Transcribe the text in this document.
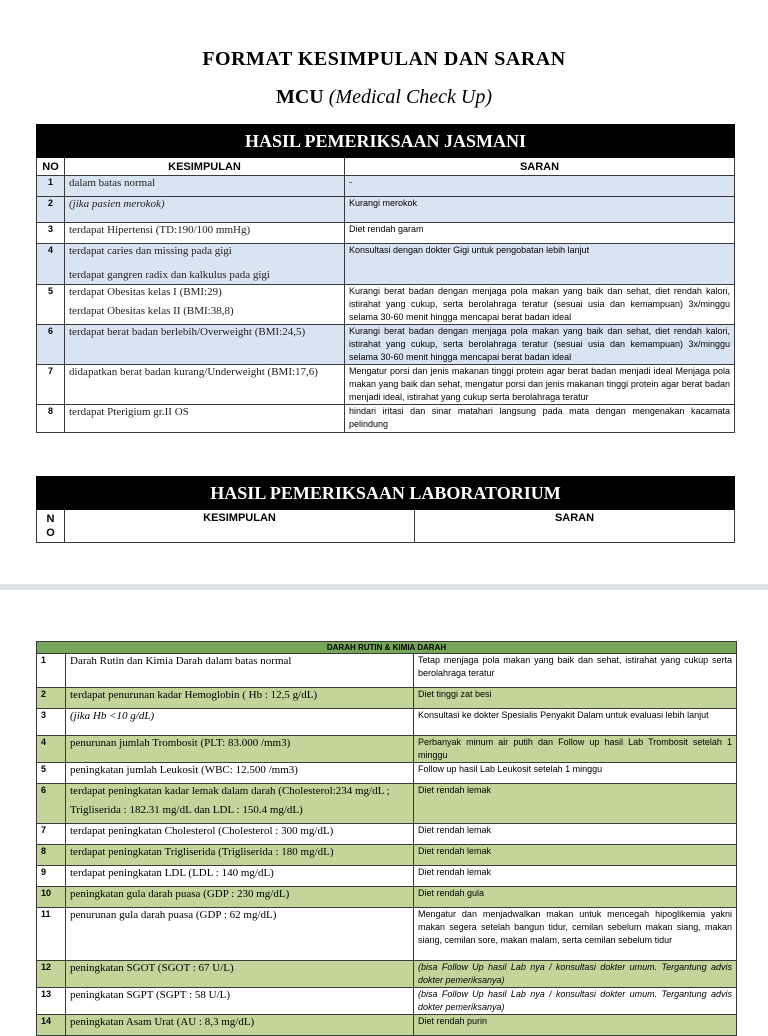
FORMAT KESIMPULAN DAN SARAN
MCU (Medical Check Up)
HASIL PEMERIKSAAN JASMANI		
NO	KESIMPULAN	SARAN
1	dalam batas normal	-
2	(jika pasien merokok)	Kurangi merokok
3	terdapat Hipertensi (TD:190/100 mmHg)	Diet rendah garam
4	terdapat caries dan missing pada gigi
terdapat gangren radix dan kalkulus pada gigi	Konsultasi dengan dokter Gigi untuk pengobatan lebih lanjut
5	terdapat Obesitas kelas I (BMI:29)
terdapat Obesitas kelas II (BMI:38,8)	Kurangi berat badan dengan menjaga pola makan yang baik dan sehat, diet rendah kalori, istirahat yang cukup, serta berolahraga teratur (sesuai usia dan kemampuan) 3x/minggu selama 30-60 menit hingga mencapai berat badan ideal
6	terdapat berat badan berlebih/Overweight (BMI:24,5)	Kurangi berat badan dengan menjaga pola makan yang baik dan sehat, diet rendah kalori, istirahat yang cukup, serta berolahraga teratur (sesuai usia dan kemampuan) 3x/minggu selama 30-60 menit hingga mencapai berat badan ideal
7	didapatkan berat badan kurang/Underweight (BMI:17,6)	Mengatur porsi dan jenis makanan tinggi protein agar berat badan menjadi ideal Menjaga pola makan yang baik dan sehat, mengatur porsi dan jenis makanan tinggi protein agar berat badan menjadi ideal, istirahat yang cukup serta berolahraga teratur
8	terdapat Pterigium gr.II OS	hindari iritasi dan sinar matahari langsung pada mata dengan mengenakan kacamata pelindung
HASIL PEMERIKSAAN LABORATORIUM
N
O	KESIMPULAN	SARAN
DARAH RUTIN & KIMIA DARAH		
1	Darah Rutin dan Kimia Darah dalam batas normal	Tetap menjaga pola makan yang baik dan sehat, istirahat yang cukup serta berolahraga teratur
2	terdapat penurunan kadar Hemoglobin ( Hb : 12,5 g/dL)	Diet tinggi zat besi
3	(jika Hb <10 g/dL)	Konsultasi ke dokter Spesialis Penyakit Dalam untuk evaluasi lebih lanjut
4	penurunan jumlah Trombosit (PLT: 83.000 /mm3)	Perbanyak minum air putih dan Follow up hasil Lab Trombosit setelah 1 minggu
5	peningkatan jumlah Leukosit (WBC: 12.500 /mm3)	Follow up hasil Lab Leukosit setelah 1 minggu
6	terdapat peningkatan kadar lemak dalam darah (Cholesterol:234 mg/dL ;
Trigliserida : 182.31 mg/dL dan LDL : 150.4 mg/dL)	Diet rendah lemak
7	terdapat peningkatan Cholesterol (Cholesterol : 300 mg/dL)	Diet rendah lemak
8	terdapat peningkatan Trigliserida (Trigliserida : 180 mg/dL)	Diet rendah lemak
9	terdapat peningkatan LDL (LDL : 140 mg/dL)	Diet rendah lemak
10	peningkatan gula darah puasa (GDP : 230 mg/dL)	Diet rendah gula
11	penurunan gula darah puasa (GDP : 62 mg/dL)	Mengatur dan menjadwalkan makan untuk mencegah hipoglikemia yakni makan segera setelah bangun tidur, cemilan sebelum makan siang, makan siang, cemilan sore, makan malam, serta cemilan sebelum tidur
12	peningkatan SGOT (SGOT : 67 U/L)	(bisa Follow Up hasil Lab nya / konsultasi dokter umum. Tergantung advis dokter pemeriksanya)
13	peningkatan SGPT (SGPT : 58 U/L)	(bisa Follow Up hasil Lab nya / konsultasi dokter umum. Tergantung advis dokter pemeriksanya)
14	peningkatan Asam Urat (AU : 8,3 mg/dL)	Diet rendah purin
